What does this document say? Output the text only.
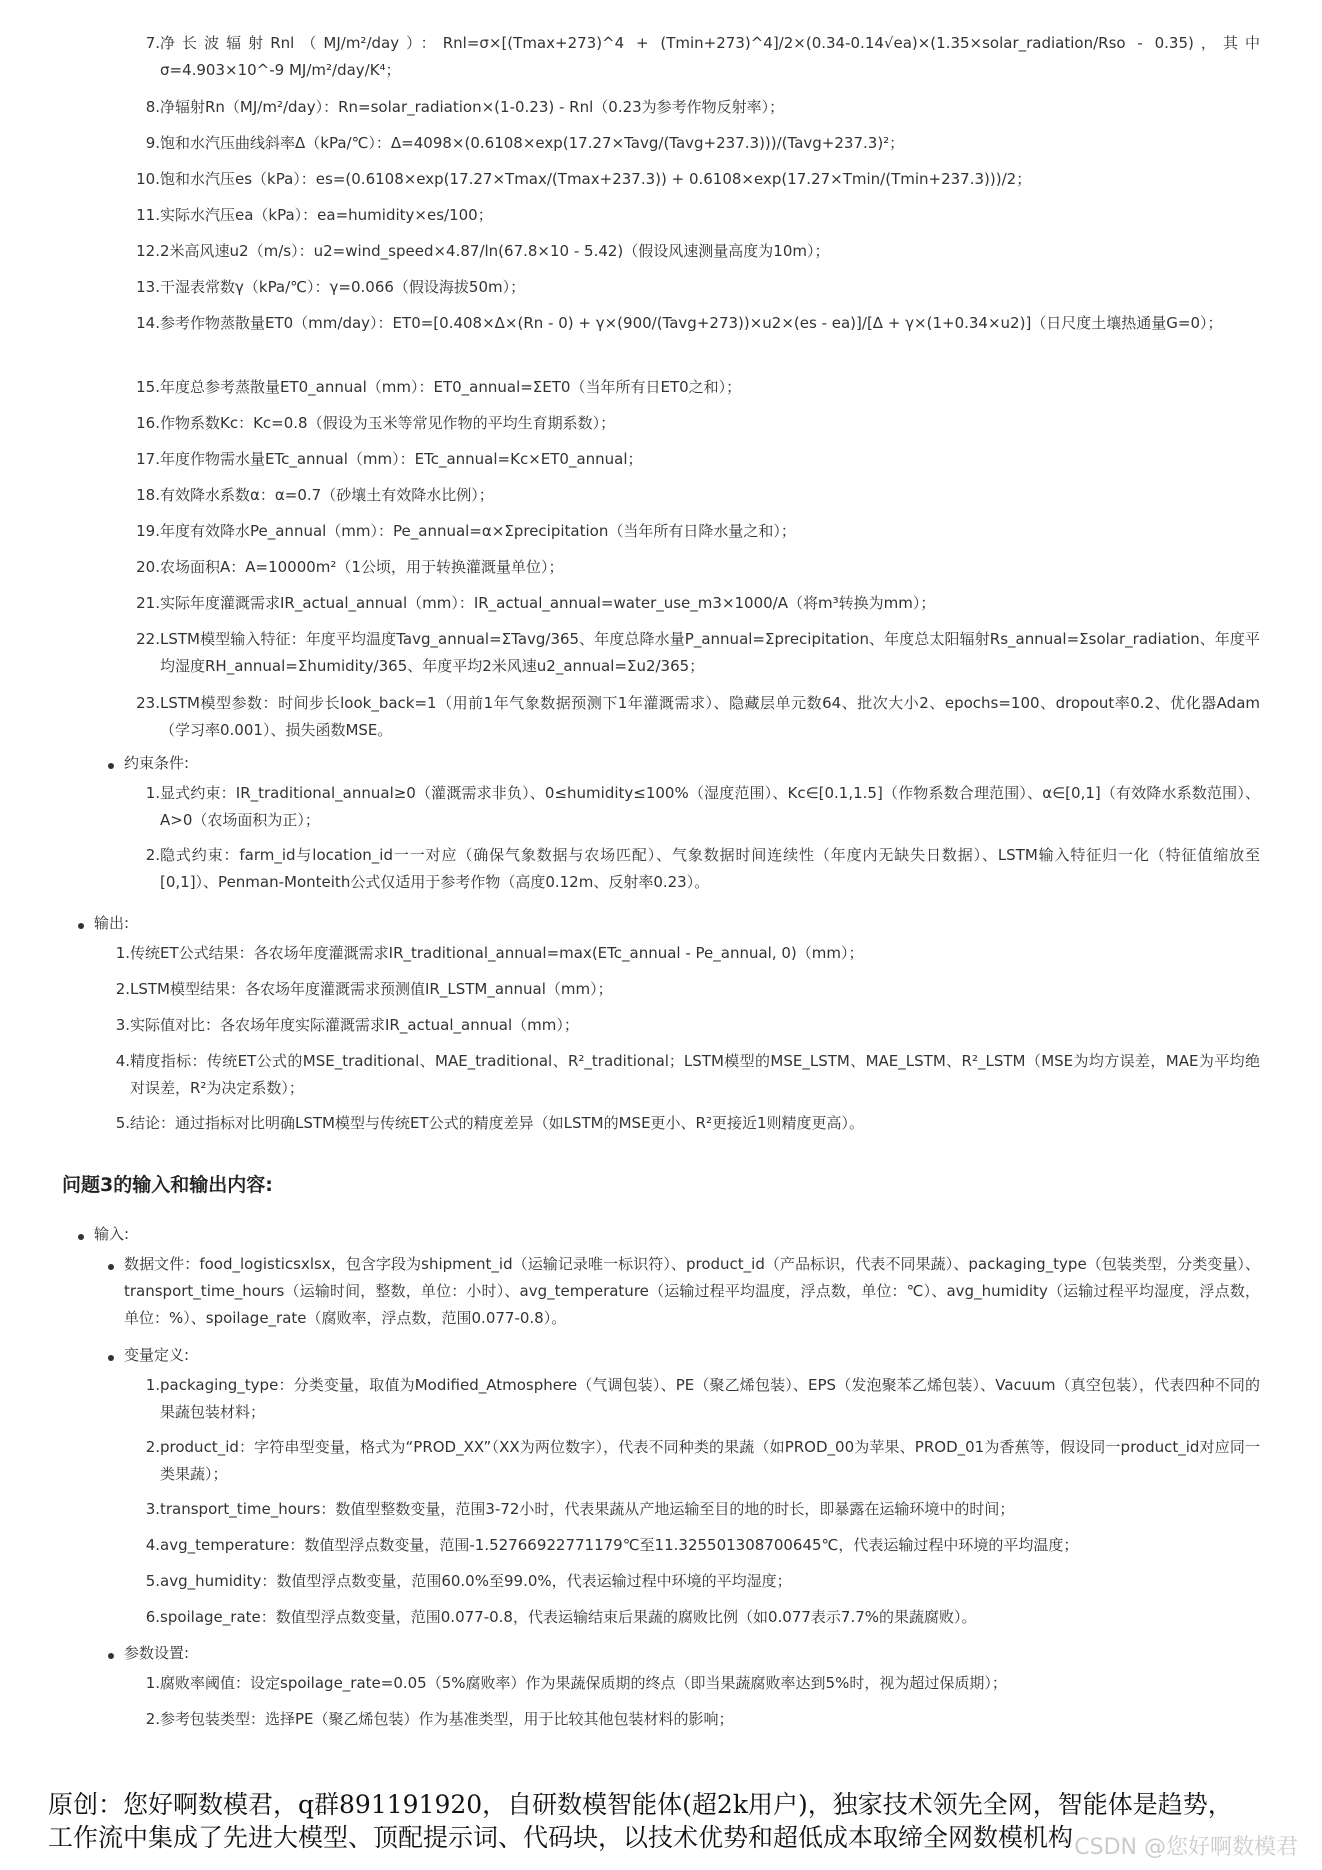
7. 净长波辐射Rnl（MJ/m²/day）：Rnl=σ×[(Tmax+273)^4 + (Tmin+273)^4]/2×(0.34-0.14√ea)×(1.35×solar_radiation/Rso - 0.35)，其中σ=4.903×10^-9 MJ/m²/day/K⁴；
8. 净辐射Rn（MJ/m²/day）：Rn=solar_radiation×(1-0.23) - Rnl（0.23为参考作物反射率）；
9. 饱和水汽压曲线斜率Δ（kPa/℃）：Δ=4098×(0.6108×exp(17.27×Tavg/(Tavg+237.3)))/(Tavg+237.3)²；
10. 饱和水汽压es（kPa）：es=(0.6108×exp(17.27×Tmax/(Tmax+237.3)) + 0.6108×exp(17.27×Tmin/(Tmin+237.3)))/2；
11. 实际水汽压ea（kPa）：ea=humidity×es/100；
12. 2米高风速u2（m/s）：u2=wind_speed×4.87/ln(67.8×10 - 5.42)（假设风速测量高度为10m）；
13. 干湿表常数γ（kPa/℃）：γ=0.066（假设海拔50m）；
14. 参考作物蒸散量ET0（mm/day）：ET0=[0.408×Δ×(Rn - 0) + γ×(900/(Tavg+273))×u2×(es - ea)]/[Δ + γ×(1+0.34×u2)]（日尺度土壤热通量G=0）；
15. 年度总参考蒸散量ET0_annual（mm）：ET0_annual=ΣET0（当年所有日ET0之和）；
16. 作物系数Kc：Kc=0.8（假设为玉米等常见作物的平均生育期系数）；
17. 年度作物需水量ETc_annual（mm）：ETc_annual=Kc×ET0_annual；
18. 有效降水系数α：α=0.7（砂壤土有效降水比例）；
19. 年度有效降水Pe_annual（mm）：Pe_annual=α×Σprecipitation（当年所有日降水量之和）；
20. 农场面积A：A=10000m²（1公顷，用于转换灌溉量单位）；
21. 实际年度灌溉需求IR_actual_annual（mm）：IR_actual_annual=water_use_m3×1000/A（将m³转换为mm）；
22. LSTM模型输入特征：年度平均温度Tavg_annual=ΣTavg/365、年度总降水量P_annual=Σprecipitation、年度总太阳辐射Rs_annual=Σsolar_radiation、年度平均湿度RH_annual=Σhumidity/365、年度平均2米风速u2_annual=Σu2/365；
23. LSTM模型参数：时间步长look_back=1（用前1年气象数据预测下1年灌溉需求）、隐藏层单元数64、批次大小2、epochs=100、dropout率0.2、优化器Adam（学习率0.001）、损失函数MSE。
约束条件:
1. 显式约束：IR_traditional_annual≥0（灌溉需求非负）、0≤humidity≤100%（湿度范围）、Kc∈[0.1,1.5]（作物系数合理范围）、α∈[0,1]（有效降水系数范围）、A>0（农场面积为正）；
2. 隐式约束：farm_id与location_id一一对应（确保气象数据与农场匹配）、气象数据时间连续性（年度内无缺失日数据）、LSTM输入特征归一化（特征值缩放至[0,1]）、Penman-Monteith公式仅适用于参考作物（高度0.12m、反射率0.23）。
输出:
1. 传统ET公式结果：各农场年度灌溉需求IR_traditional_annual=max(ETc_annual - Pe_annual, 0)（mm）；
2. LSTM模型结果：各农场年度灌溉需求预测值IR_LSTM_annual（mm）；
3. 实际值对比：各农场年度实际灌溉需求IR_actual_annual（mm）；
4. 精度指标：传统ET公式的MSE_traditional、MAE_traditional、R²_traditional；LSTM模型的MSE_LSTM、MAE_LSTM、R²_LSTM（MSE为均方误差，MAE为平均绝对误差，R²为决定系数）；
5. 结论：通过指标对比明确LSTM模型与传统ET公式的精度差异（如LSTM的MSE更小、R²更接近1则精度更高）。
问题3的输入和输出内容:
输入:
数据文件：food_logisticsxlsx，包含字段为shipment_id（运输记录唯一标识符）、product_id（产品标识，代表不同果蔬）、packaging_type（包装类型，分类变量）、transport_time_hours（运输时间，整数，单位：小时）、avg_temperature（运输过程平均温度，浮点数，单位：℃）、avg_humidity（运输过程平均湿度，浮点数，单位：%）、spoilage_rate（腐败率，浮点数，范围0.077-0.8）。
变量定义:
1. packaging_type：分类变量，取值为Modified_Atmosphere（气调包装）、PE（聚乙烯包装）、EPS（发泡聚苯乙烯包装）、Vacuum（真空包装），代表四种不同的果蔬包装材料；
2. product_id：字符串型变量，格式为“PROD_XX”（XX为两位数字），代表不同种类的果蔬（如PROD_00为苹果、PROD_01为香蕉等，假设同一product_id对应同一类果蔬）；
3. transport_time_hours：数值型整数变量，范围3-72小时，代表果蔬从产地运输至目的地的时长，即暴露在运输环境中的时间；
4. avg_temperature：数值型浮点数变量，范围-1.52766922771179℃至11.325501308700645℃，代表运输过程中环境的平均温度；
5. avg_humidity：数值型浮点数变量，范围60.0%至99.0%，代表运输过程中环境的平均湿度；
6. spoilage_rate：数值型浮点数变量，范围0.077-0.8，代表运输结束后果蔬的腐败比例（如0.077表示7.7%的果蔬腐败）。
参数设置:
1. 腐败率阈值：设定spoilage_rate=0.05（5%腐败率）作为果蔬保质期的终点（即当果蔬腐败率达到5%时，视为超过保质期）；
2. 参考包装类型：选择PE（聚乙烯包装）作为基准类型，用于比较其他包装材料的影响；
原创：您好啊数模君，q群891191920，自研数模智能体(超2k用户)，独家技术领先全网，智能体是趋势，
工作流中集成了先进大模型、顶配提示词、代码块，以技术优势和超低成本取缔全网数模机构 CSDN @您好啊数模君
